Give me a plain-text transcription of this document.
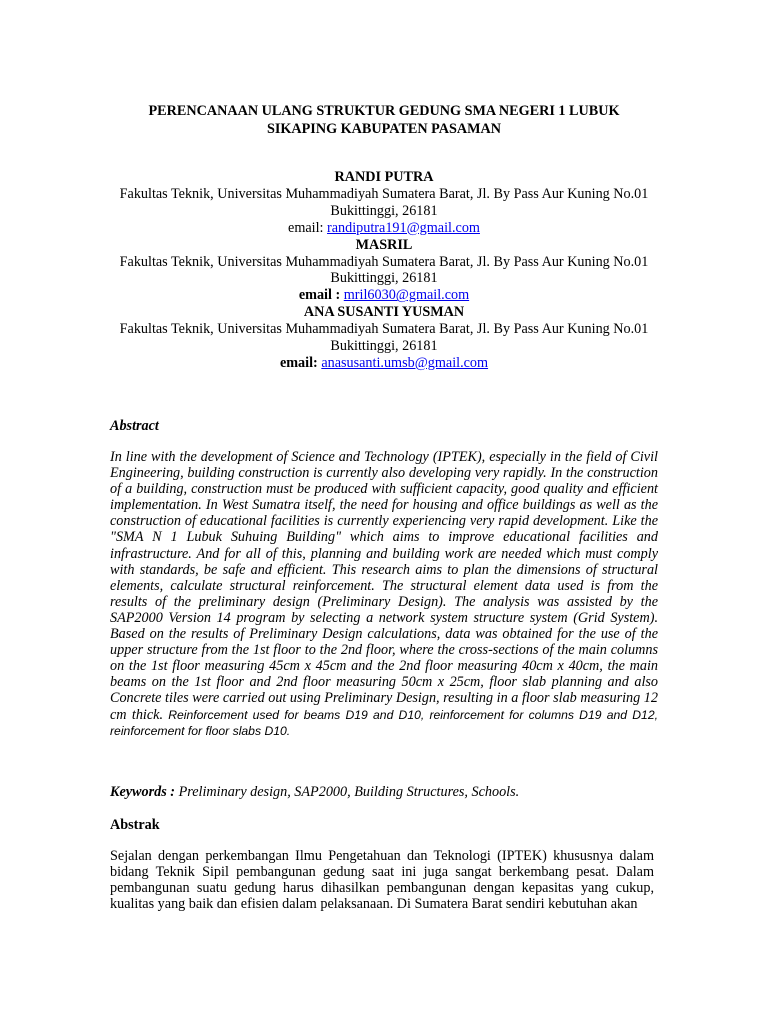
PERENCANAAN ULANG STRUKTUR GEDUNG SMA NEGERI 1 LUBUK
SIKAPING KABUPATEN PASAMAN
RANDI PUTRA
Fakultas Teknik, Universitas Muhammadiyah Sumatera Barat, Jl. By Pass Aur Kuning No.01 Bukittinggi, 26181
email: randiputra191@gmail.com
MASRIL
Fakultas Teknik, Universitas Muhammadiyah Sumatera Barat, Jl. By Pass Aur Kuning No.01 Bukittinggi, 26181
email : mril6030@gmail.com
ANA SUSANTI YUSMAN
Fakultas Teknik, Universitas Muhammadiyah Sumatera Barat, Jl. By Pass Aur Kuning No.01 Bukittinggi, 26181
email: anasusanti.umsb@gmail.com
Abstract

In line with the development of Science and Technology (IPTEK), especially in the field of Civil Engineering, building construction is currently also developing very rapidly. In the construction of a building, construction must be produced with sufficient capacity, good quality and efficient implementation. In West Sumatra itself, the need for housing and office buildings as well as the construction of educational facilities is currently experiencing very rapid development. Like the "SMA N 1 Lubuk Suhuing Building" which aims to improve educational facilities and infrastructure. And for all of this, planning and building work are needed which must comply with standards, be safe and efficient. This research aims to plan the dimensions of structural elements, calculate structural reinforcement. The structural element data used is from the results of the preliminary design (Preliminary Design). The analysis was assisted by the SAP2000 Version 14 program by selecting a network system structure system (Grid System). Based on the results of Preliminary Design calculations, data was obtained for the use of the upper structure from the 1st floor to the 2nd floor, where the cross-sections of the main columns on the 1st floor measuring 45cm x 45cm and the 2nd floor measuring 40cm x 40cm, the main beams on the 1st floor and 2nd floor measuring 50cm x 25cm, floor slab planning and also Concrete tiles were carried out using Preliminary Design, resulting in a floor slab measuring 12 cm thick. Reinforcement used for beams D19 and D10, reinforcement for columns D19 and D12, reinforcement for floor slabs D10.

Keywords : Preliminary design, SAP2000, Building Structures, Schools.

Abstrak

Sejalan dengan perkembangan Ilmu Pengetahuan dan Teknologi (IPTEK) khususnya dalam bidang Teknik Sipil pembangunan gedung saat ini juga sangat berkembang pesat. Dalam pembangunan suatu gedung harus dihasilkan pembangunan dengan kepasitas yang cukup, kualitas yang baik dan efisien dalam pelaksanaan. Di Sumatera Barat sendiri kebutuhan akan
